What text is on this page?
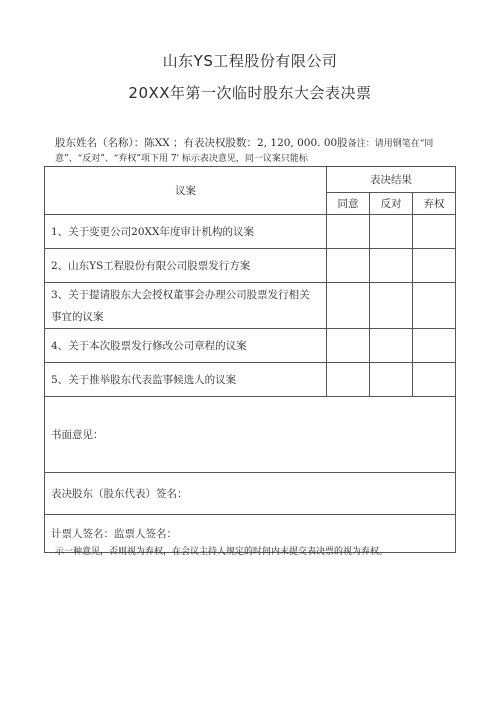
山东YS工程股份有限公司
20XX年第一次临时股东大会表决票
股东姓名（名称）：陈XX ；有表决权股数：2, 120, 000. 00股备注：请用钢笔在“同意”、“反对”、“弃权”项下用 7' 标示表决意见，同一议案只能标
议案	表决结果		
	同意	反对	弃权
1、关于变更公司20XX年度审计机构的议案			
2、山东YS工程股份有限公司股票发行方案			
3、关于提请股东大会授权董事会办理公司股票发行相关事宜的议案			
4、关于本次股票发行修改公司章程的议案			
5、关于推举股东代表监事候选人的议案			
书面意见：			
表决股东（股东代表）签名：			
计票人签名：监票人签名：			
示一种意见，否则视为弃权，在会议主持人规定的时间内未提交表决票的视为弃权。
